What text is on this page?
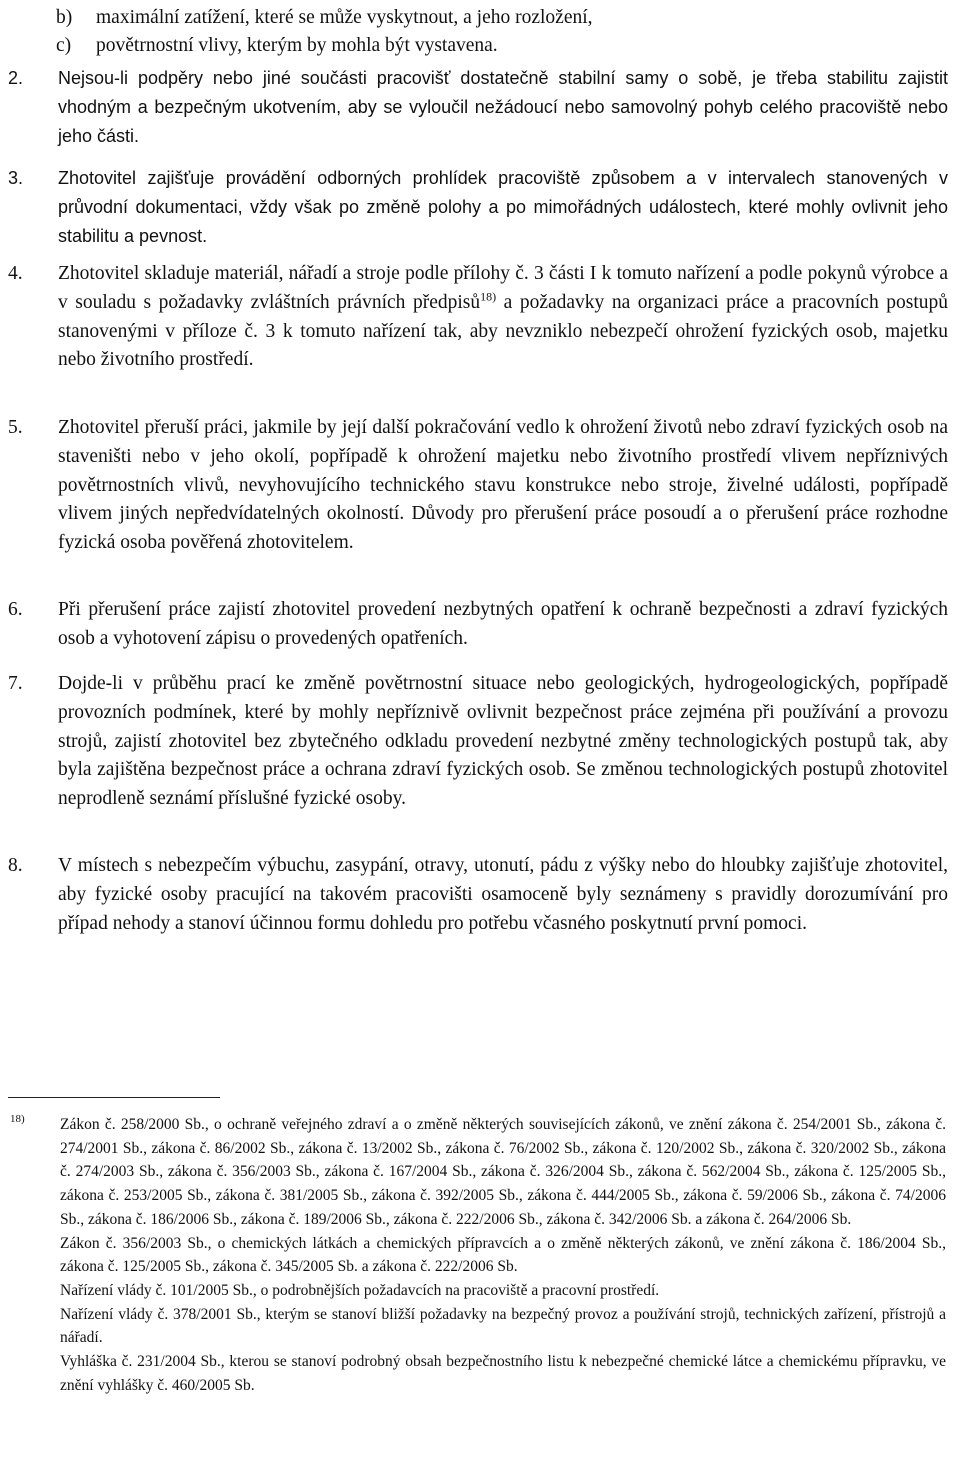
b) maximální zatížení, které se může vyskytnout, a jeho rozložení,
c) povětrnostní vlivy, kterým by mohla být vystavena.
2.	Nejsou-li podpěry nebo jiné součásti pracovišť dostatečně stabilní samy o sobě, je třeba stabilitu zajistit vhodným a bezpečným ukotvením, aby se vyloučil nežádoucí nebo samovolný pohyb celého pracoviště nebo jeho části.
3.	Zhotovitel zajišťuje provádění odborných prohlídek pracoviště způsobem a v intervalech stanovených v průvodní dokumentaci, vždy však po změně polohy a po mimořádných událostech, které mohly ovlivnit jeho stabilitu a pevnost.
4.	Zhotovitel skladuje materiál, nářadí a stroje podle přílohy č. 3 části I k tomuto nařízení a podle pokynů výrobce a v souladu s požadavky zvláštních právních předpisů$^{18)}$ a požadavky na organizaci práce a pracovních postupů stanovenými v příloze č. 3 k tomuto nařízení tak, aby nevzniklo nebezpečí ohrožení fyzických osob, majetku nebo životního prostředí.
5.	Zhotovitel přeruší práci, jakmile by její další pokračování vedlo k ohrožení životů nebo zdraví fyzických osob na staveništi nebo v jeho okolí, popřípadě k ohrožení majetku nebo životního prostředí vlivem nepříznivých povětrnostních vlivů, nevyhovujícího technického stavu konstrukce nebo stroje, živelné události, popřípadě vlivem jiných nepředvídatelných okolností. Důvody pro přerušení práce posoudí a o přerušení práce rozhodne fyzická osoba pověřená zhotovitelem.
6.	Při přerušení práce zajistí zhotovitel provedení nezbytných opatření k ochraně bezpečnosti a zdraví fyzických osob a vyhotovení zápisu o provedených opatřeních.
7.	Dojde-li v průběhu prací ke změně povětrnostní situace nebo geologických, hydrogeologických, popřípadě provozních podmínek, které by mohly nepříznivě ovlivnit bezpečnost práce zejména při používání a provozu strojů, zajistí zhotovitel bez zbytečného odkladu provedení nezbytné změny technologických postupů tak, aby byla zajištěna bezpečnost práce a ochrana zdraví fyzických osob. Se změnou technologických postupů zhotovitel neprodleně seznámí příslušné fyzické osoby.
8.	V místech s nebezpečím výbuchu, zasypání, otravy, utonutí, pádu z výšky nebo do hloubky zajišťuje zhotovitel, aby fyzické osoby pracující na takovém pracovišti osamoceně byly seznámeny s pravidly dorozumívání pro případ nehody a stanoví účinnou formu dohledu pro potřebu včasného poskytnutí první pomoci.
18) Zákon č. 258/2000 Sb., o ochraně veřejného zdraví a o změně některých souvisejících zákonů, ve znění zákona č. 254/2001 Sb., zákona č. 274/2001 Sb., zákona č. 86/2002 Sb., zákona č. 13/2002 Sb., zákona č. 76/2002 Sb., zákona č. 120/2002 Sb., zákona č. 320/2002 Sb., zákona č. 274/2003 Sb., zákona č. 356/2003 Sb., zákona č. 167/2004 Sb., zákona č. 326/2004 Sb., zákona č. 562/2004 Sb., zákona č. 125/2005 Sb., zákona č. 253/2005 Sb., zákona č. 381/2005 Sb., zákona č. 392/2005 Sb., zákona č. 444/2005 Sb., zákona č. 59/2006 Sb., zákona č. 74/2006 Sb., zákona č. 186/2006 Sb., zákona č. 189/2006 Sb., zákona č. 222/2006 Sb., zákona č. 342/2006 Sb. a zákona č. 264/2006 Sb.
Zákon č. 356/2003 Sb., o chemických látkách a chemických přípravcích a o změně některých zákonů, ve znění zákona č. 186/2004 Sb., zákona č. 125/2005 Sb., zákona č. 345/2005 Sb. a zákona č. 222/2006 Sb.
Nařízení vlády č. 101/2005 Sb., o podrobnějších požadavcích na pracoviště a pracovní prostředí.
Nařízení vlády č. 378/2001 Sb., kterým se stanoví bližší požadavky na bezpečný provoz a používání strojů, technických zařízení, přístrojů a nářadí.
Vyhláška č. 231/2004 Sb., kterou se stanoví podrobný obsah bezpečnostního listu k nebezpečné chemické látce a chemickému přípravku, ve znění vyhlášky č. 460/2005 Sb.
